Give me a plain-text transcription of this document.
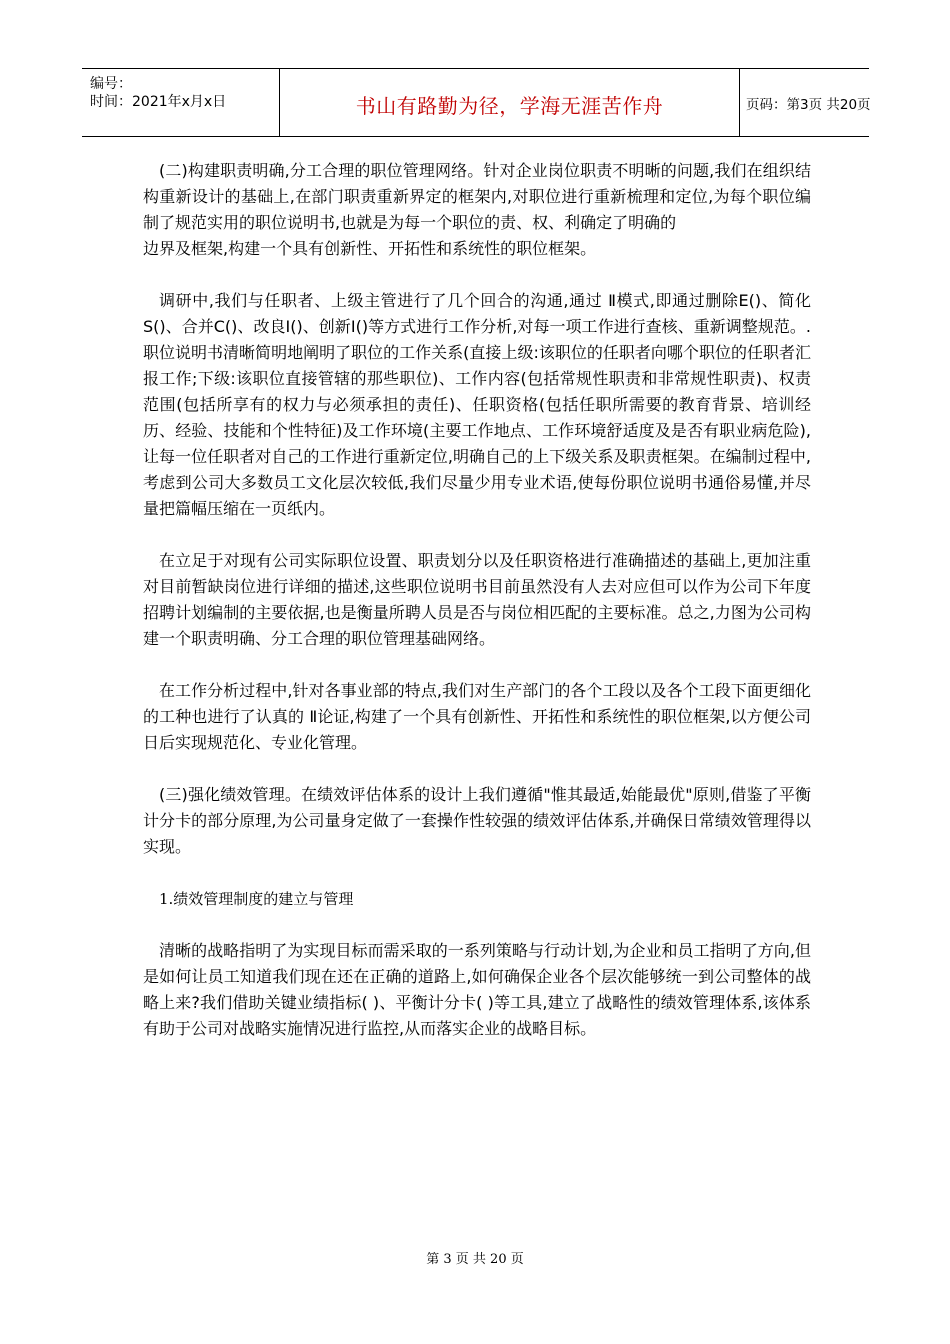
编号：
时间：2021年x月x日	书山有路勤为径，学海无涯苦作舟	页码：第3页 共20页

(二)构建职责明确,分工合理的职位管理网络。针对企业岗位职责不明晰的问题,我们在组织结构重新设计的基础上,在部门职责重新界定的框架内,对职位进行重新梳理和定位,为每个职位编制了规范实用的职位说明书,也就是为每一个职位的责、权、利确定了明确的

边界及框架,构建一个具有创新性、开拓性和系统性的职位框架。

调研中,我们与任职者、上级主管进行了几个回合的沟通,通过 Ⅱ模式,即通过删除E()、简化S()、合并C()、改良Ⅰ()、创新Ⅰ()等方式进行工作分析,对每一项工作进行查核、重新调整规范。.职位说明书清晰简明地阐明了职位的工作关系(直接上级:该职位的任职者向哪个职位的任职者汇报工作;下级:该职位直接管辖的那些职位)、工作内容(包括常规性职责和非常规性职责)、权责范围(包括所享有的权力与必须承担的责任)、任职资格(包括任职所需要的教育背景、培训经历、经验、技能和个性特征)及工作环境(主要工作地点、工作环境舒适度及是否有职业病危险),让每一位任职者对自己的工作进行重新定位,明确自己的上下级关系及职责框架。在编制过程中,考虑到公司大多数员工文化层次较低,我们尽量少用专业术语,使每份职位说明书通俗易懂,并尽量把篇幅压缩在一页纸内。

在立足于对现有公司实际职位设置、职责划分以及任职资格进行准确描述的基础上,更加注重对目前暂缺岗位进行详细的描述,这些职位说明书目前虽然没有人去对应但可以作为公司下年度招聘计划编制的主要依据,也是衡量所聘人员是否与岗位相匹配的主要标准。总之,力图为公司构建一个职责明确、分工合理的职位管理基础网络。

在工作分析过程中,针对各事业部的特点,我们对生产部门的各个工段以及各个工段下面更细化的工种也进行了认真的 Ⅱ论证,构建了一个具有创新性、开拓性和系统性的职位框架,以方便公司日后实现规范化、专业化管理。

(三)强化绩效管理。在绩效评估体系的设计上我们遵循"惟其最适,始能最优"原则,借鉴了平衡计分卡的部分原理,为公司量身定做了一套操作性较强的绩效评估体系,并确保日常绩效管理得以实现。

1.绩效管理制度的建立与管理

清晰的战略指明了为实现目标而需采取的一系列策略与行动计划,为企业和员工指明了方向,但是如何让员工知道我们现在还在正确的道路上,如何确保企业各个层次能够统一到公司整体的战略上来?我们借助关键业绩指标( )、平衡计分卡( )等工具,建立了战略性的绩效管理体系,该体系有助于公司对战略实施情况进行监控,从而落实企业的战略目标。

第 3 页 共 20 页
